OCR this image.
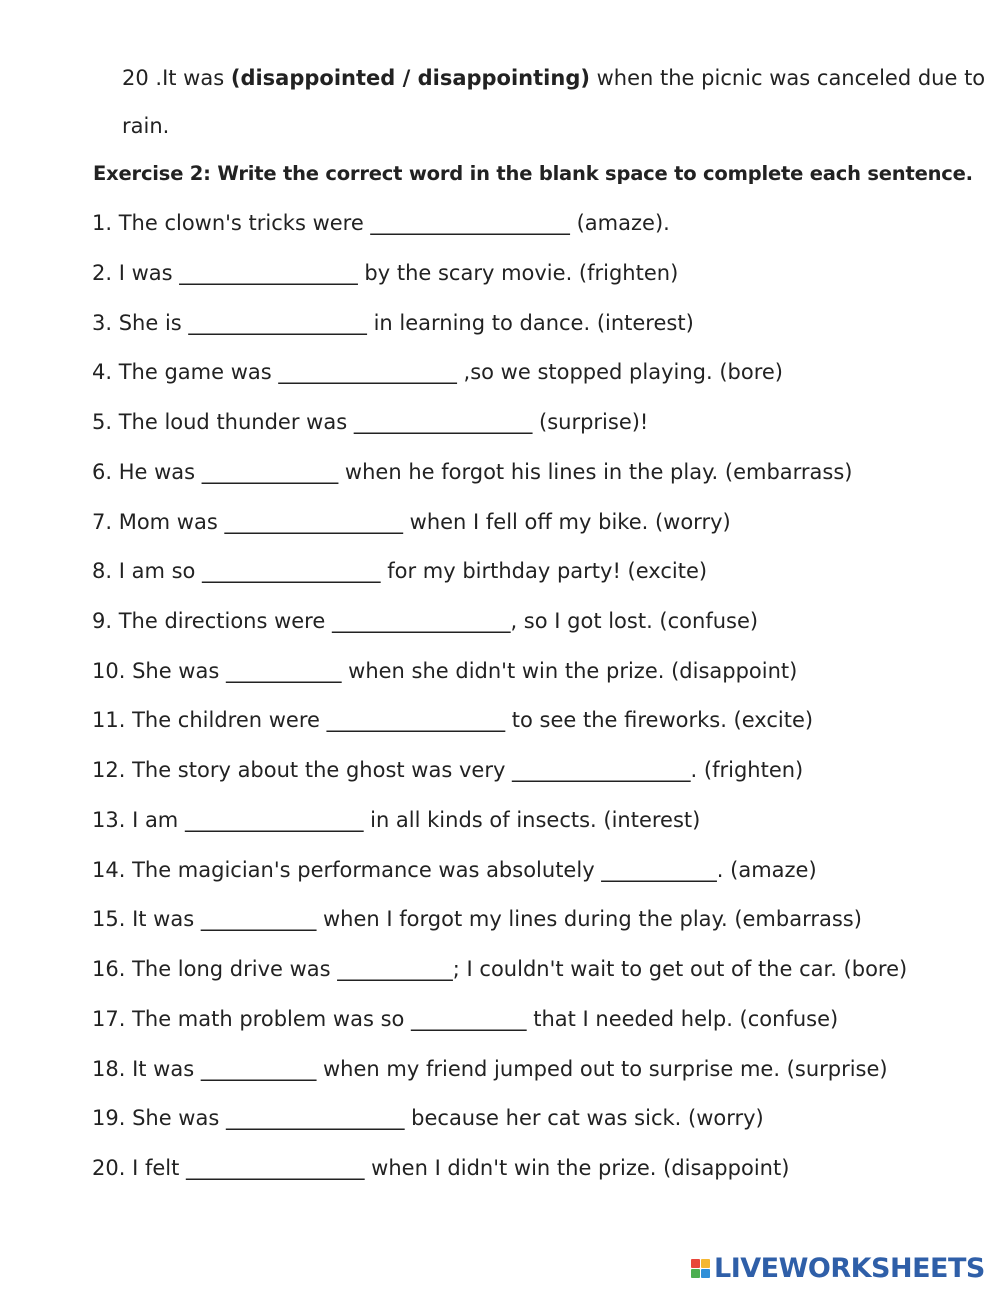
20 .It was (disappointed / disappointing) when the picnic was canceled due to
rain.
Exercise 2: Write the correct word in the blank space to complete each sentence.
1. The clown's tricks were ___________________ (amaze).
2. I was _________________ by the scary movie. (frighten)
3. She is _________________ in learning to dance. (interest)
4. The game was _________________ ,so we stopped playing. (bore)
5. The loud thunder was _________________ (surprise)!
6. He was _____________ when he forgot his lines in the play. (embarrass)
7. Mom was _________________ when I fell off my bike. (worry)
8. I am so _________________ for my birthday party! (excite)
9. The directions were _________________, so I got lost. (confuse)
10. She was ___________ when she didn't win the prize. (disappoint)
11. The children were _________________ to see the fireworks. (excite)
12. The story about the ghost was very _________________. (frighten)
13. I am _________________ in all kinds of insects. (interest)
14. The magician's performance was absolutely ___________. (amaze)
15. It was ___________ when I forgot my lines during the play. (embarrass)
16. The long drive was ___________; I couldn't wait to get out of the car. (bore)
17. The math problem was so ___________ that I needed help. (confuse)
18. It was ___________ when my friend jumped out to surprise me. (surprise)
19. She was _________________ because her cat was sick. (worry)
20. I felt _________________ when I didn't win the prize. (disappoint)
LIVEWORKSHEETS
